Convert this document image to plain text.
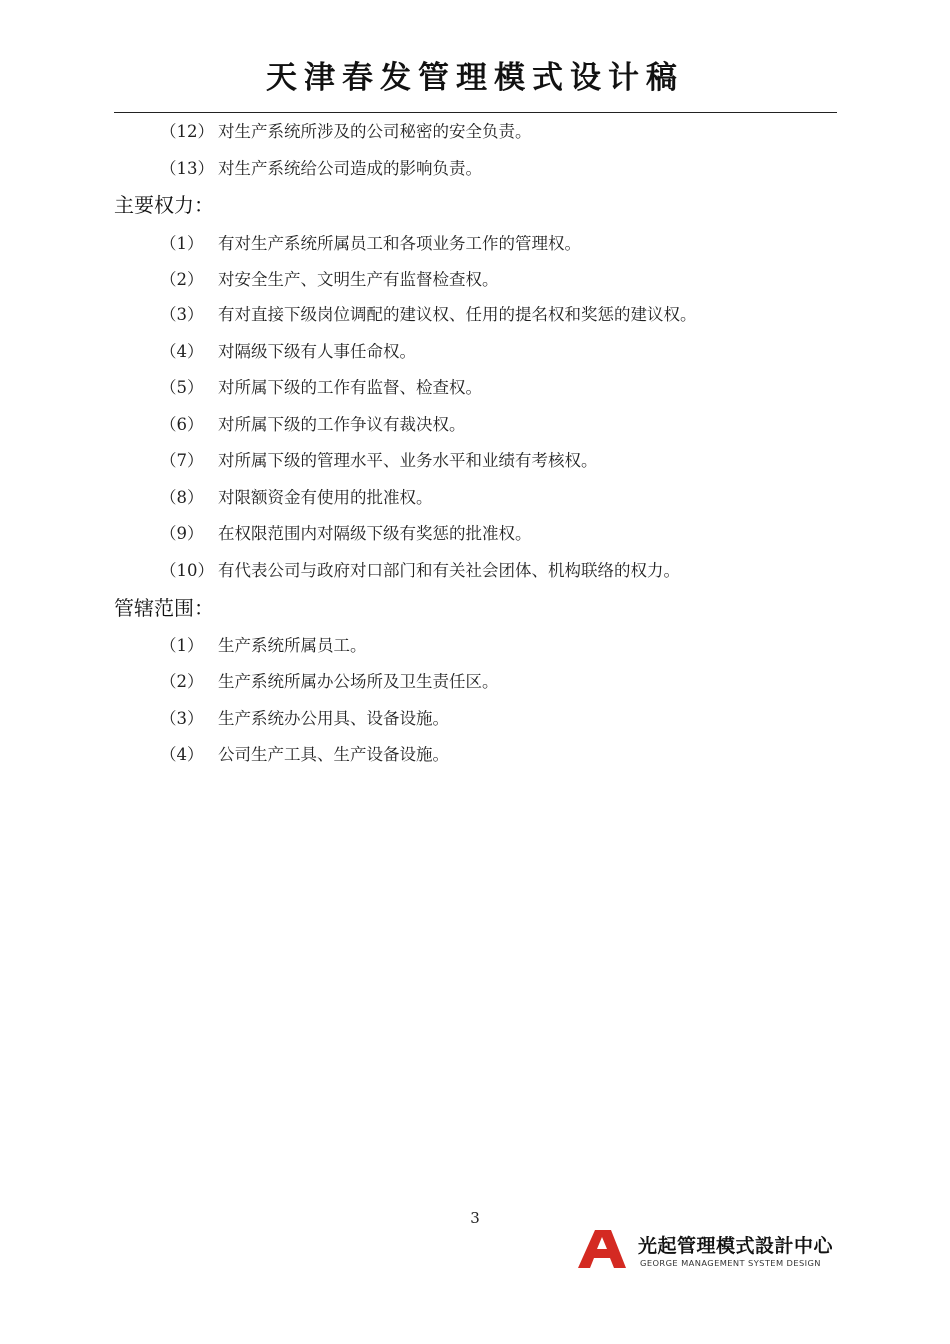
天津春发管理模式设计稿
（12） 对生产系统所涉及的公司秘密的安全负责。
（13） 对生产系统给公司造成的影响负责。
主要权力：
（1） 有对生产系统所属员工和各项业务工作的管理权。
（2） 对安全生产、文明生产有监督检查权。
（3） 有对直接下级岗位调配的建议权、任用的提名权和奖惩的建议权。
（4） 对隔级下级有人事任命权。
（5） 对所属下级的工作有监督、检查权。
（6） 对所属下级的工作争议有裁决权。
（7） 对所属下级的管理水平、业务水平和业绩有考核权。
（8） 对限额资金有使用的批准权。
（9） 在权限范围内对隔级下级有奖惩的批准权。
（10） 有代表公司与政府对口部门和有关社会团体、机构联络的权力。
管辖范围：
（1） 生产系统所属员工。
（2） 生产系统所属办公场所及卫生责任区。
（3） 生产系统办公用具、设备设施。
（4） 公司生产工具、生产设备设施。
3
光起管理模式設計中心
GEORGE MANAGEMENT SYSTEM DESIGN
